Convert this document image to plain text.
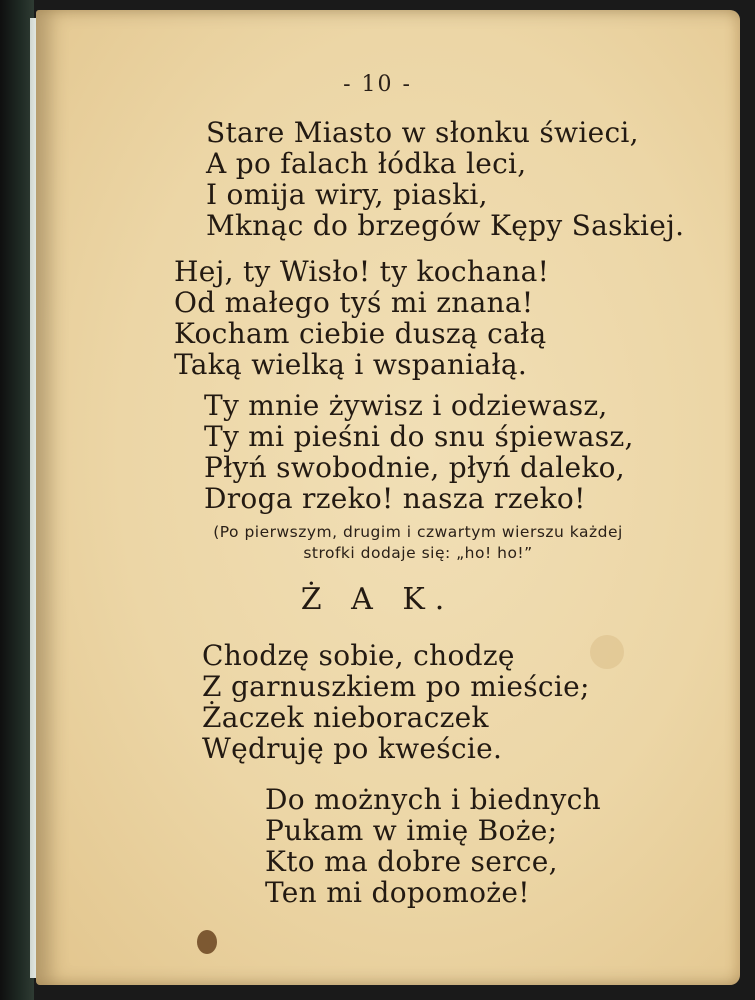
- 10 -
Stare Miasto w słonku świeci,
A po falach łódka leci,
I omija wiry, piaski,
Mknąc do brzegów Kępy Saskiej.
Hej, ty Wisło! ty kochana!
Od małego tyś mi znana!
Kocham ciebie duszą całą
Taką wielką i wspaniałą.
Ty mnie żywisz i odziewasz,
Ty mi pieśni do snu śpiewasz,
Płyń swobodnie, płyń daleko,
Droga rzeko! nasza rzeko!
(Po pierwszym, drugim i czwartym wierszu każdej
strofki dodaje się: „ho! ho!”
Ż A K.
Chodzę sobie, chodzę
Z garnuszkiem po mieście;
Żaczek nieboraczek
Wędruję po kweście.
Do możnych i biednych
Pukam w imię Boże;
Kto ma dobre serce,
Ten mi dopomoże!
